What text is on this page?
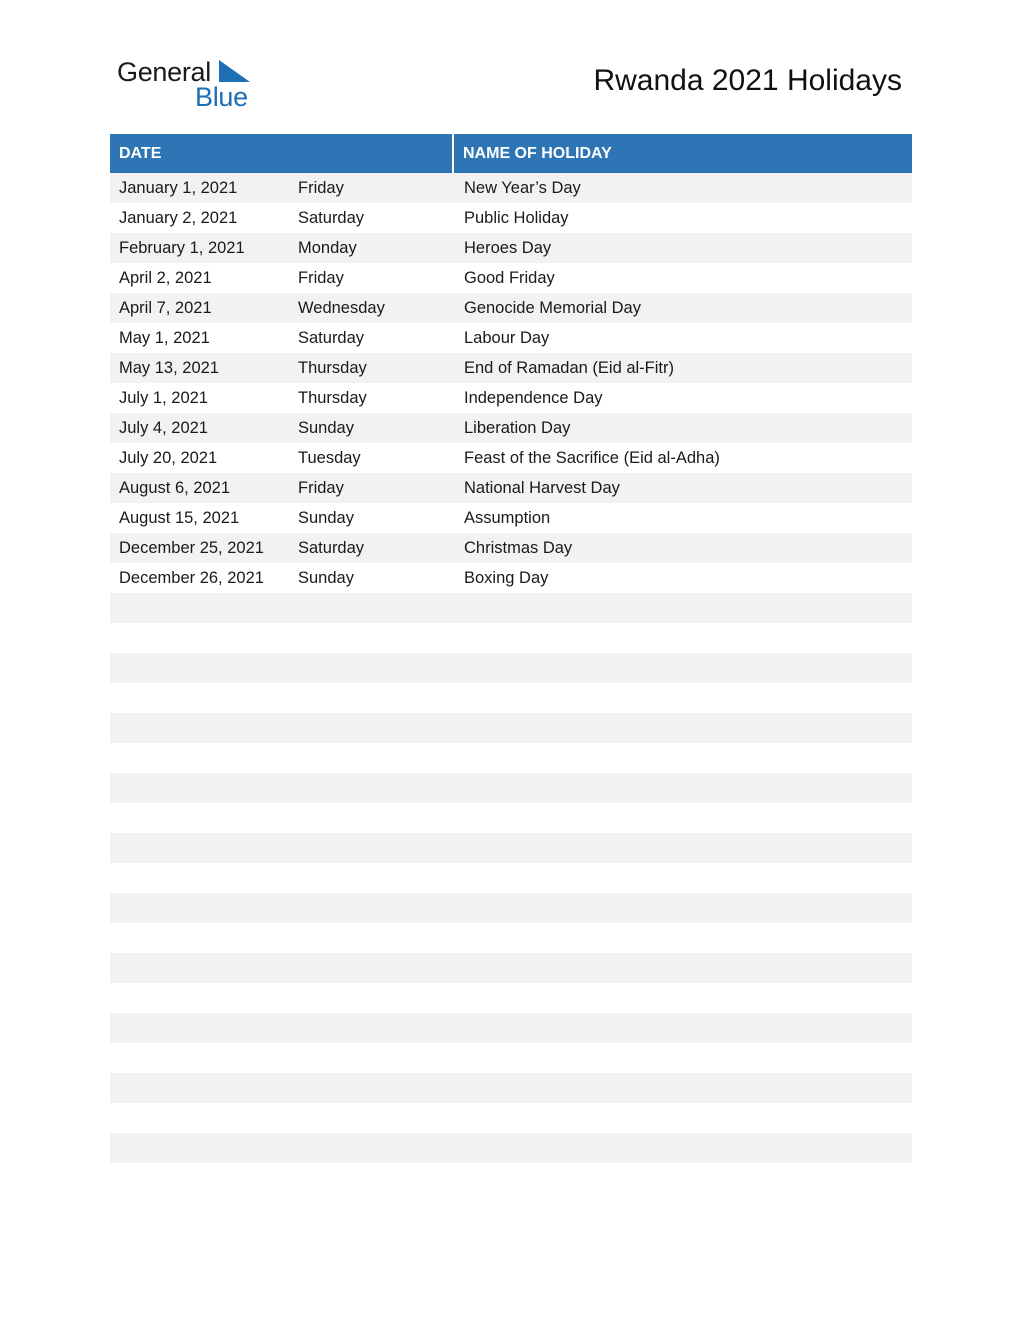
General
Blue	Rwanda 2021 Holidays
DATE	NAME OF HOLIDAY
January 1, 2021	Friday	New Year’s Day
January 2, 2021	Saturday	Public Holiday
February 1, 2021	Monday	Heroes Day
April 2, 2021	Friday	Good Friday
April 7, 2021	Wednesday	Genocide Memorial Day
May 1, 2021	Saturday	Labour Day
May 13, 2021	Thursday	End of Ramadan (Eid al-Fitr)
July 1, 2021	Thursday	Independence Day
July 4, 2021	Sunday	Liberation Day
July 20, 2021	Tuesday	Feast of the Sacrifice (Eid al-Adha)
August 6, 2021	Friday	National Harvest Day
August 15, 2021	Sunday	Assumption
December 25, 2021	Saturday	Christmas Day
December 26, 2021	Sunday	Boxing Day
